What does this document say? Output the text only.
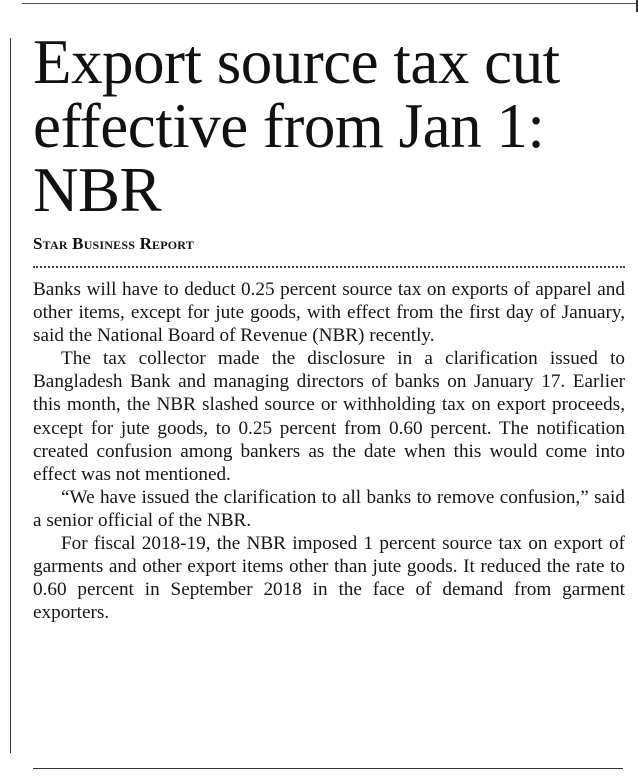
Export source tax cut effective from Jan 1: NBR
Star Business Report

Banks will have to deduct 0.25 percent source tax on exports of apparel and other items, except for jute goods, with effect from the first day of January, said the National Board of Revenue (NBR) recently.

The tax collector made the disclosure in a clarification issued to Bangladesh Bank and managing directors of banks on January 17. Earlier this month, the NBR slashed source or withholding tax on export proceeds, except for jute goods, to 0.25 percent from 0.60 percent. The notification created confusion among bankers as the date when this would come into effect was not mentioned.

“We have issued the clarification to all banks to remove confusion,” said a senior official of the NBR.

For fiscal 2018-19, the NBR imposed 1 percent source tax on export of garments and other export items other than jute goods. It reduced the rate to 0.60 percent in September 2018 in the face of demand from garment exporters.
